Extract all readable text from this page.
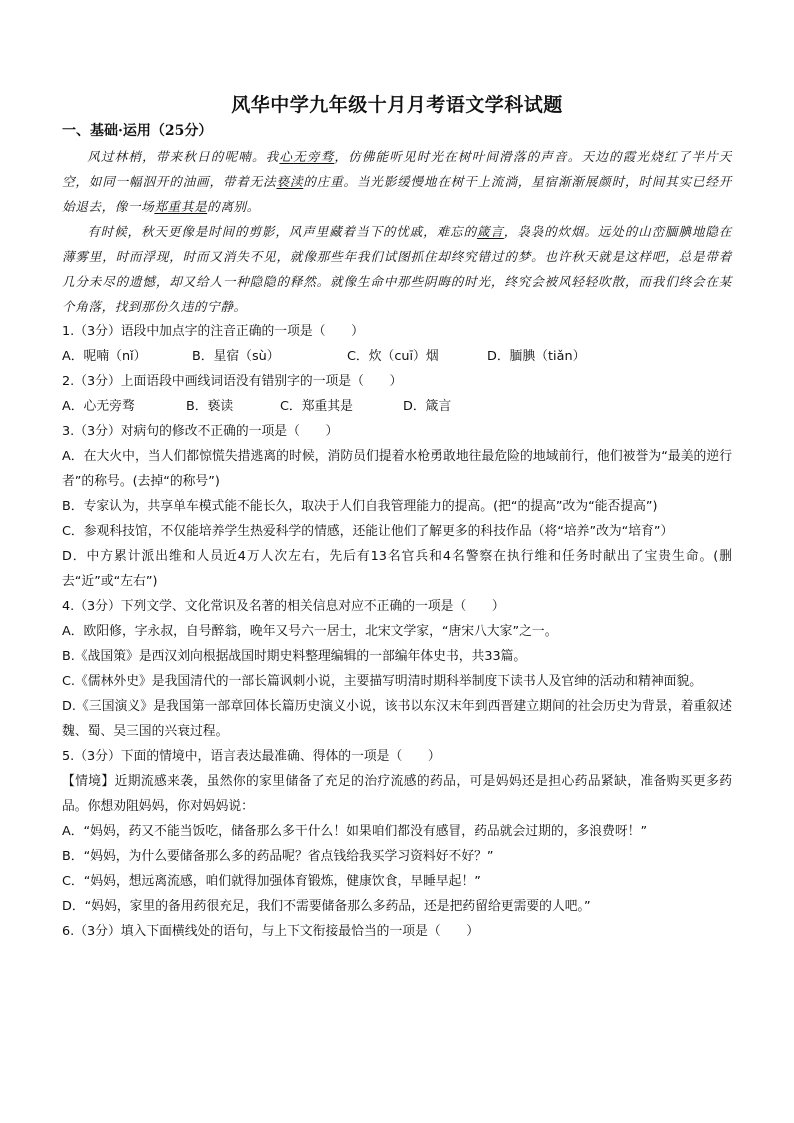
风华中学九年级十月月考语文学科试题
一、基础·运用（25分）

风过林梢，带来秋日的呢喃。我心无旁骛，仿佛能听见时光在树叶间滑落的声音。天边的霞光烧红了半片天空，如同一幅泅开的油画，带着无法亵渎的庄重。当光影缓慢地在树干上流淌，星宿渐渐展颜时，时间其实已经开始退去，像一场郑重其是的离别。

有时候，秋天更像是时间的剪影，风声里藏着当下的忧戚，难忘的箴言，袅袅的炊烟。远处的山峦腼腆地隐在薄雾里，时而浮现，时而又消失不见，就像那些年我们试图抓住却终究错过的梦。也许秋天就是这样吧，总是带着几分未尽的遗憾，却又给人一种隐隐的释然。就像生命中那些阴晦的时光，终究会被风轻轻吹散，而我们终会在某个角落，找到那份久违的宁静。

1.（3分）语段中加点字的注音正确的一项是（　　）
A．呢喃（nǐ）	B．星宿（sù）	C．炊（cuī）烟	D．腼腆（tiǎn）
2.（3分）上面语段中画线词语没有错别字的一项是（　　）
A．心无旁骛	B．亵读	C．郑重其是	D．箴言
3.（3分）对病句的修改不正确的一项是（　　）
A．在大火中，当人们都惊慌失措逃离的时候，消防员们提着水枪勇敢地往最危险的地域前行，他们被誉为“最美的逆行者”的称号。(去掉“的称号”)
B．专家认为，共享单车模式能不能长久，取决于人们自我管理能力的提高。(把“的提高”改为“能否提高”)
C．参观科技馆，不仅能培养学生热爱科学的情感，还能让他们了解更多的科技作品（将“培养”改为“培育”）
D．中方累计派出维和人员近4万人次左右，先后有13名官兵和4名警察在执行维和任务时献出了宝贵生命。(删去“近”或“左右”)
4.（3分）下列文学、文化常识及名著的相关信息对应不正确的一项是（　　）
A．欧阳修，字永叔，自号醉翁，晚年又号六一居士，北宋文学家，“唐宋八大家”之一。
B.《战国策》是西汉刘向根据战国时期史料整理编辑的一部编年体史书，共33篇。
C.《儒林外史》是我国清代的一部长篇讽刺小说，主要描写明清时期科举制度下读书人及官绅的活动和精神面貌。
D.《三国演义》是我国第一部章回体长篇历史演义小说，该书以东汉末年到西晋建立期间的社会历史为背景，着重叙述魏、蜀、吴三国的兴衰过程。
5.（3分）下面的情境中，语言表达最准确、得体的一项是（　　）
【情境】近期流感来袭，虽然你的家里储备了充足的治疗流感的药品，可是妈妈还是担心药品紧缺，准备购买更多药品。你想劝阻妈妈，你对妈妈说：
A．“妈妈，药又不能当饭吃，储备那么多干什么！如果咱们都没有感冒，药品就会过期的，多浪费呀！”
B．“妈妈，为什么要储备那么多的药品呢？省点钱给我买学习资料好不好？”
C．“妈妈，想远离流感，咱们就得加强体育锻炼，健康饮食，早睡早起！”
D．“妈妈，家里的备用药很充足，我们不需要储备那么多药品，还是把药留给更需要的人吧。”
6.（3分）填入下面横线处的语句，与上下文衔接最恰当的一项是（　　）
